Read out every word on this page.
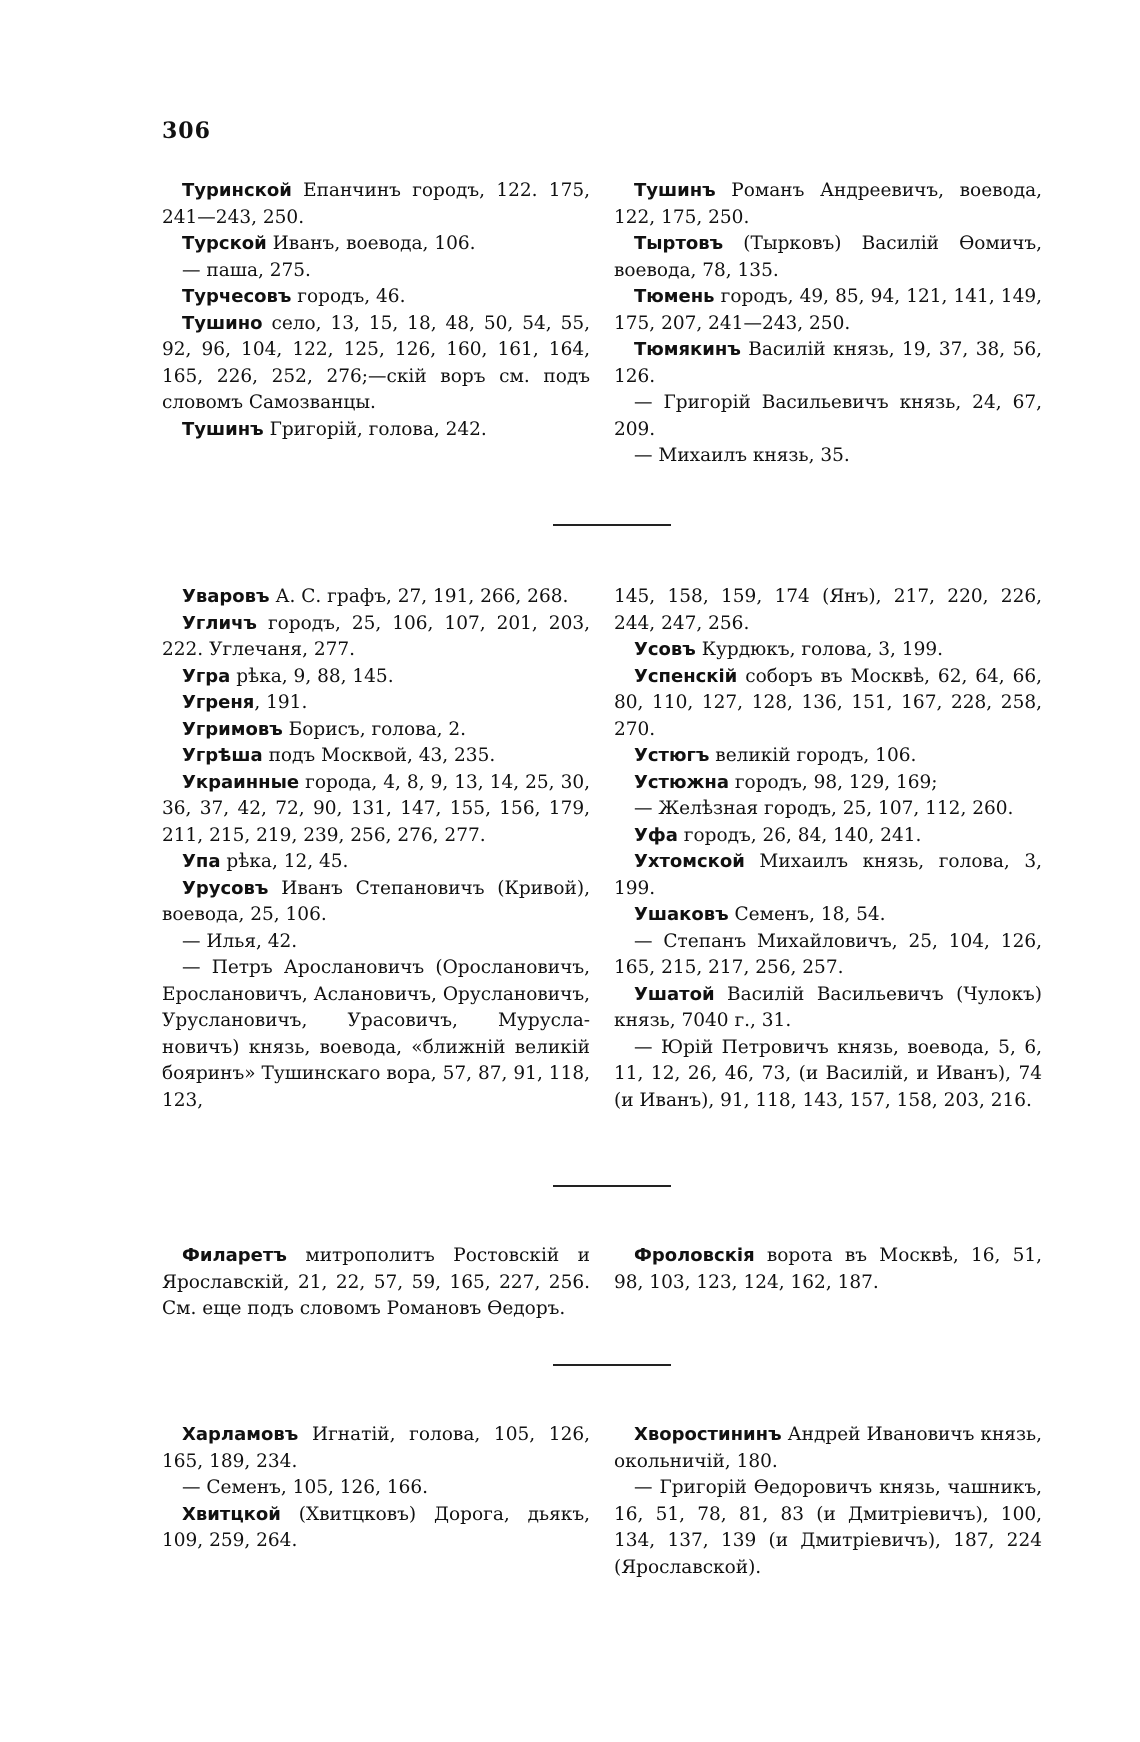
306

Туринской Епанчинъ городъ, 122. 175, 241—243, 250.

Турской Иванъ, воевода, 106.

— паша, 275.

Турчесовъ городъ, 46.

Тушино село, 13, 15, 18, 48, 50, 54, 55, 92, 96, 104, 122, 125, 126, 160, 161, 164, 165, 226, 252, 276;—скій воръ см. подъ словомъ Самозванцы.

Тушинъ Григорій, голова, 242.

Тушинъ Романъ Андреевичъ, воевода, 122, 175, 250.

Тыртовъ (Тырковъ) Василій Ѳомичъ, воевода, 78, 135.

Тюмень городъ, 49, 85, 94, 121, 141, 149, 175, 207, 241—243, 250.

Тюмякинъ Василій князь, 19, 37, 38, 56, 126.

— Григорій Васильевичъ князь, 24, 67, 209.

— Михаилъ князь, 35.

Уваровъ А. С. графъ, 27, 191, 266, 268.

Угличъ городъ, 25, 106, 107, 201, 203, 222. Углечаня, 277.

Угра рѣка, 9, 88, 145.

Угреня, 191.

Угримовъ Борисъ, голова, 2.

Угрѣша подъ Москвой, 43, 235.

Украинные города, 4, 8, 9, 13, 14, 25, 30, 36, 37, 42, 72, 90, 131, 147, 155, 156, 179, 211, 215, 219, 239, 256, 276, 277.

Упа рѣка, 12, 45.

Урусовъ Иванъ Степановичъ (Кривой), воевода, 25, 106.

— Илья, 42.

— Петръ Арослановичъ (Орослановичъ, Ерослановичъ, Аслановичъ, Оруслановичъ, Уруслановичъ, Урасовичъ, Муруслановичъ) князь, воевода, «ближній великій бояринъ» Тушинскаго вора, 57, 87, 91, 118, 123,

145, 158, 159, 174 (Янъ), 217, 220, 226, 244, 247, 256.

Усовъ Курдюкъ, голова, 3, 199.

Успенскій соборъ въ Москвѣ, 62, 64, 66, 80, 110, 127, 128, 136, 151, 167, 228, 258, 270.

Устюгъ великій городъ, 106.

Устюжна городъ, 98, 129, 169;

— Желѣзная городъ, 25, 107, 112, 260.

Уфа городъ, 26, 84, 140, 241.

Ухтомской Михаилъ князь, голова, 3, 199.

Ушаковъ Семенъ, 18, 54.

— Степанъ Михайловичъ, 25, 104, 126, 165, 215, 217, 256, 257.

Ушатой Василій Васильевичъ (Чулокъ) князь, 7040 г., 31.

— Юрій Петровичъ князь, воевода, 5, 6, 11, 12, 26, 46, 73, (и Василій, и Иванъ), 74 (и Иванъ), 91, 118, 143, 157, 158, 203, 216.

Филаретъ митрополитъ Ростовскій и Ярославскій, 21, 22, 57, 59, 165, 227, 256. См. еще подъ словомъ Романовъ Ѳедоръ.

Фроловскія ворота въ Москвѣ, 16, 51, 98, 103, 123, 124, 162, 187.

Харламовъ Игнатій, голова, 105, 126, 165, 189, 234.

— Семенъ, 105, 126, 166.

Хвитцкой (Хвитцковъ) Дорога, дьякъ, 109, 259, 264.

Хворостининъ Андрей Ивановичъ князь, окольничій, 180.

— Григорій Ѳедоровичъ князь, чашникъ, 16, 51, 78, 81, 83 (и Дмитріевичъ), 100, 134, 137, 139 (и Дмитріевичъ), 187, 224 (Ярославской).
